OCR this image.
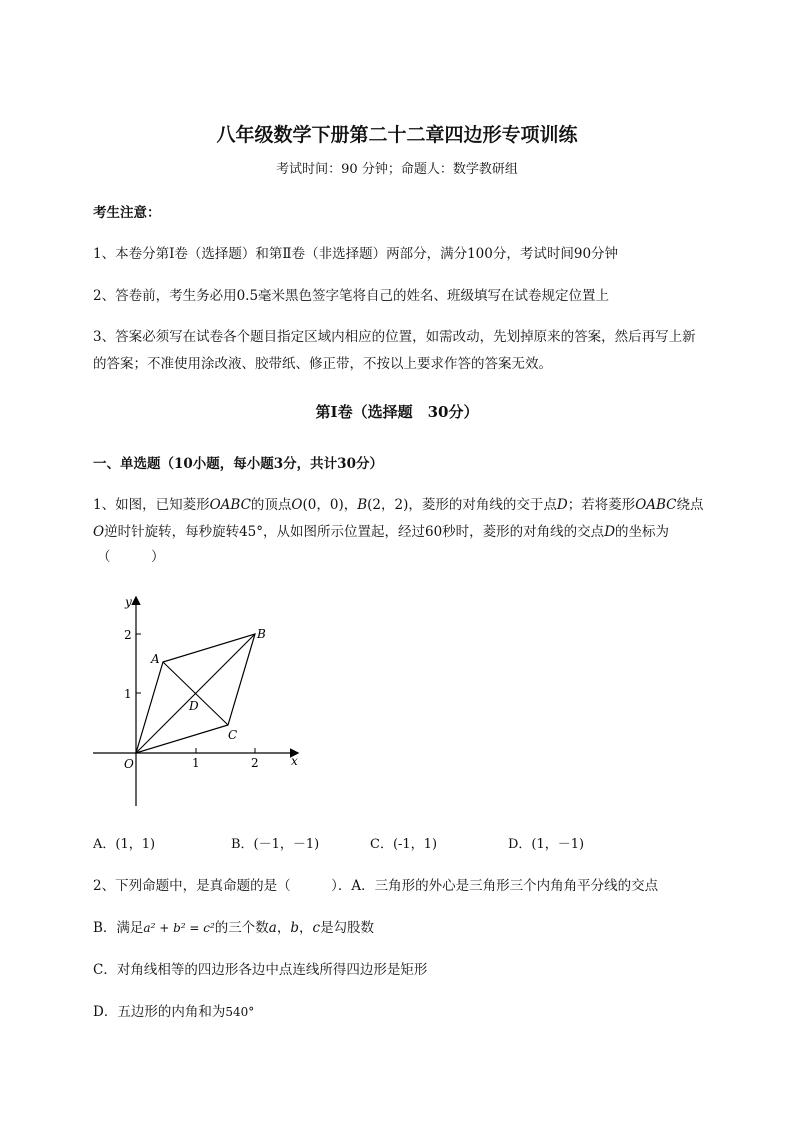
八年级数学下册第二十二章四边形专项训练
考试时间：90 分钟；命题人：数学教研组
考生注意：
1、本卷分第Ⅰ卷（选择题）和第Ⅱ卷（非选择题）两部分，满分100分，考试时间90分钟
2、答卷前，考生务必用0.5毫米黑色签字笔将自己的姓名、班级填写在试卷规定位置上
3、答案必须写在试卷各个题目指定区域内相应的位置，如需改动，先划掉原来的答案，然后再写上新
的答案；不准使用涂改液、胶带纸、修正带，不按以上要求作答的答案无效。
第Ⅰ卷（选择题　30分）
一、单选题（10小题，每小题3分，共计30分）
1、如图，已知菱形OABC的顶点O(0，0)，B(2，2)，菱形的对角线的交于点D；若将菱形OABC绕点
O逆时针旋转，每秒旋转45°，从如图所示位置起，经过60秒时，菱形的对角线的交点D的坐标为
（　　　）
y
x
O
A
B
C
D
1	2
1
2
A．(1，1)	B．(－1，－1)	C．(-1，1)	D．(1，－1)
2、下列命题中，是真命题的是（　　　）．A．三角形的外心是三角形三个内角角平分线的交点
B．满足a² + b² = c²的三个数a，b，c是勾股数
C．对角线相等的四边形各边中点连线所得四边形是矩形
D．五边形的内角和为540°
